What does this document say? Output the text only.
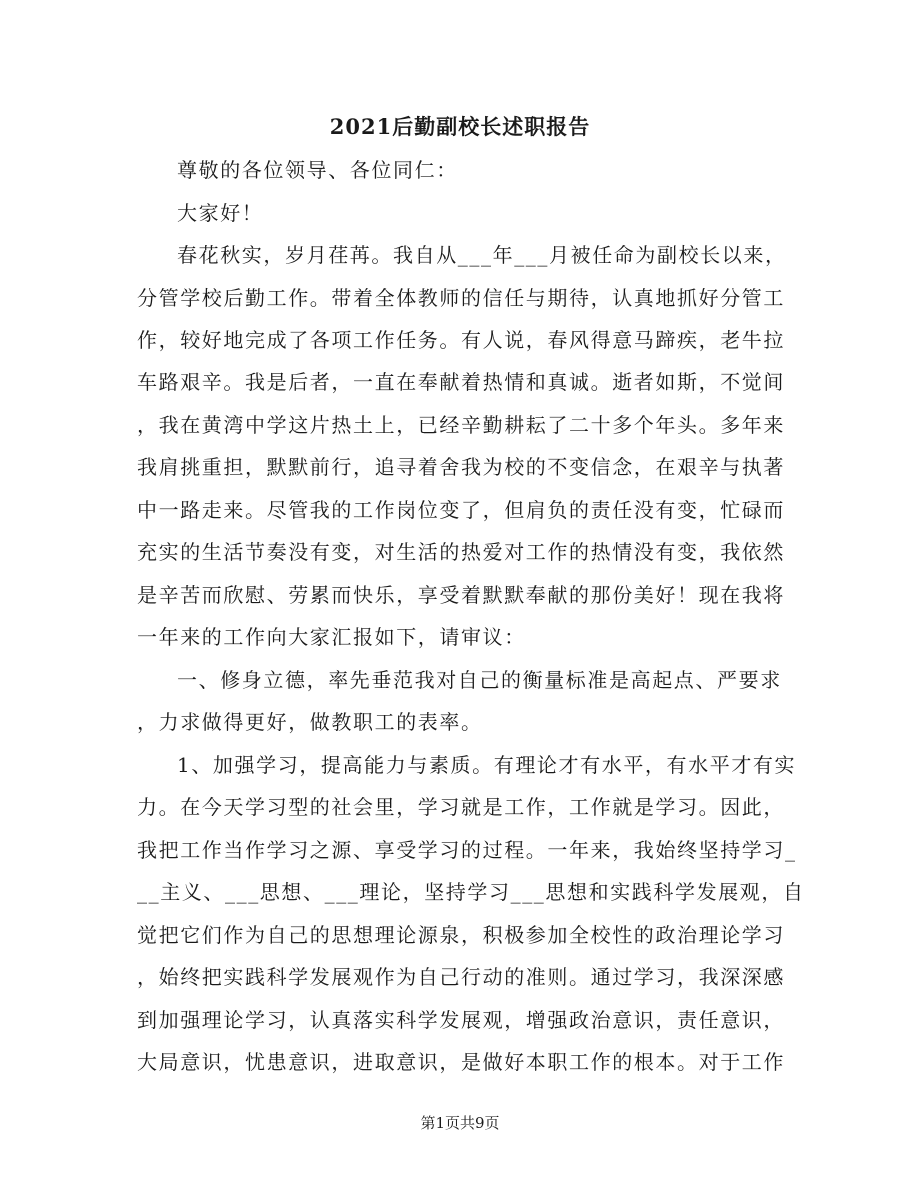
2021后勤副校长述职报告
尊敬的各位领导、各位同仁：
大家好！
春花秋实，岁月荏苒。我自从___年___月被任命为副校长以来，
分管学校后勤工作。带着全体教师的信任与期待，认真地抓好分管工
作，较好地完成了各项工作任务。有人说，春风得意马蹄疾，老牛拉
车路艰辛。我是后者，一直在奉献着热情和真诚。逝者如斯，不觉间
，我在黄湾中学这片热土上，已经辛勤耕耘了二十多个年头。多年来
我肩挑重担，默默前行，追寻着舍我为校的不变信念，在艰辛与执著
中一路走来。尽管我的工作岗位变了，但肩负的责任没有变，忙碌而
充实的生活节奏没有变，对生活的热爱对工作的热情没有变，我依然
是辛苦而欣慰、劳累而快乐，享受着默默奉献的那份美好！现在我将
一年来的工作向大家汇报如下，请审议：
一、修身立德，率先垂范我对自己的衡量标准是高起点、严要求
，力求做得更好，做教职工的表率。
1、加强学习，提高能力与素质。有理论才有水平，有水平才有实
力。在今天学习型的社会里，学习就是工作，工作就是学习。因此，
我把工作当作学习之源、享受学习的过程。一年来，我始终坚持学习_
__主义、___思想、___理论，坚持学习___思想和实践科学发展观，自
觉把它们作为自己的思想理论源泉，积极参加全校性的政治理论学习
，始终把实践科学发展观作为自己行动的准则。通过学习，我深深感
到加强理论学习，认真落实科学发展观，增强政治意识，责任意识，
大局意识，忧患意识，进取意识，是做好本职工作的根本。对于工作
第1页共9页
